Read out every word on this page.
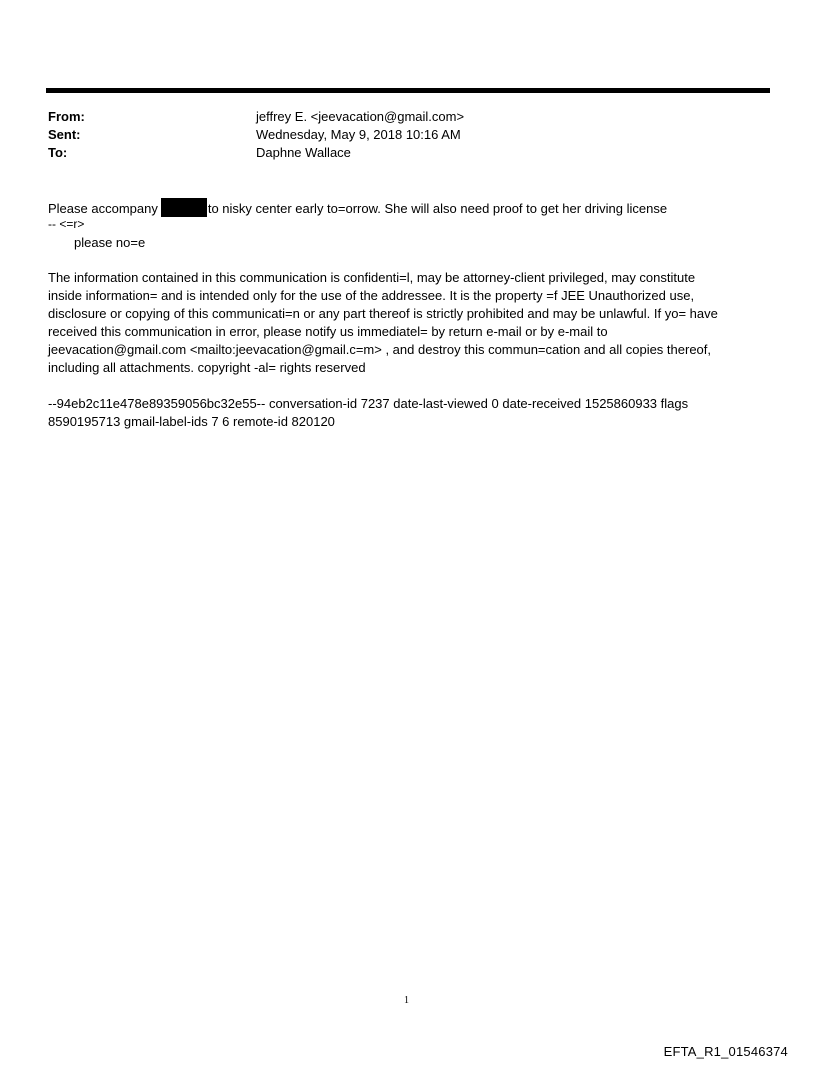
From:	jeffrey E. <jeevacation@gmail.com>
Sent:	Wednesday, May 9, 2018 10:16 AM
To:	Daphne Wallace
Please accompany	to nisky center early to=orrow. She will also need proof to get her driving license
-- <=r>
please no=e
The information contained in this communication is confidenti=l, may be attorney-client privileged, may constitute
inside information= and is intended only for the use of the addressee. It is the property =f JEE Unauthorized use,
disclosure or copying of this communicati=n or any part thereof is strictly prohibited and may be unlawful. If yo= have
received this communication in error, please notify us immediatel= by return e-mail or by e-mail to
jeevacation@gmail.com <mailto:jeevacation@gmail.c=m> , and destroy this commun=cation and all copies thereof,
including all attachments. copyright -al= rights reserved
--94eb2c11e478e89359056bc32e55-- conversation-id 7237 date-last-viewed 0 date-received 1525860933 flags
8590195713 gmail-label-ids 7 6 remote-id 820120
1
EFTA_R1_01546374
